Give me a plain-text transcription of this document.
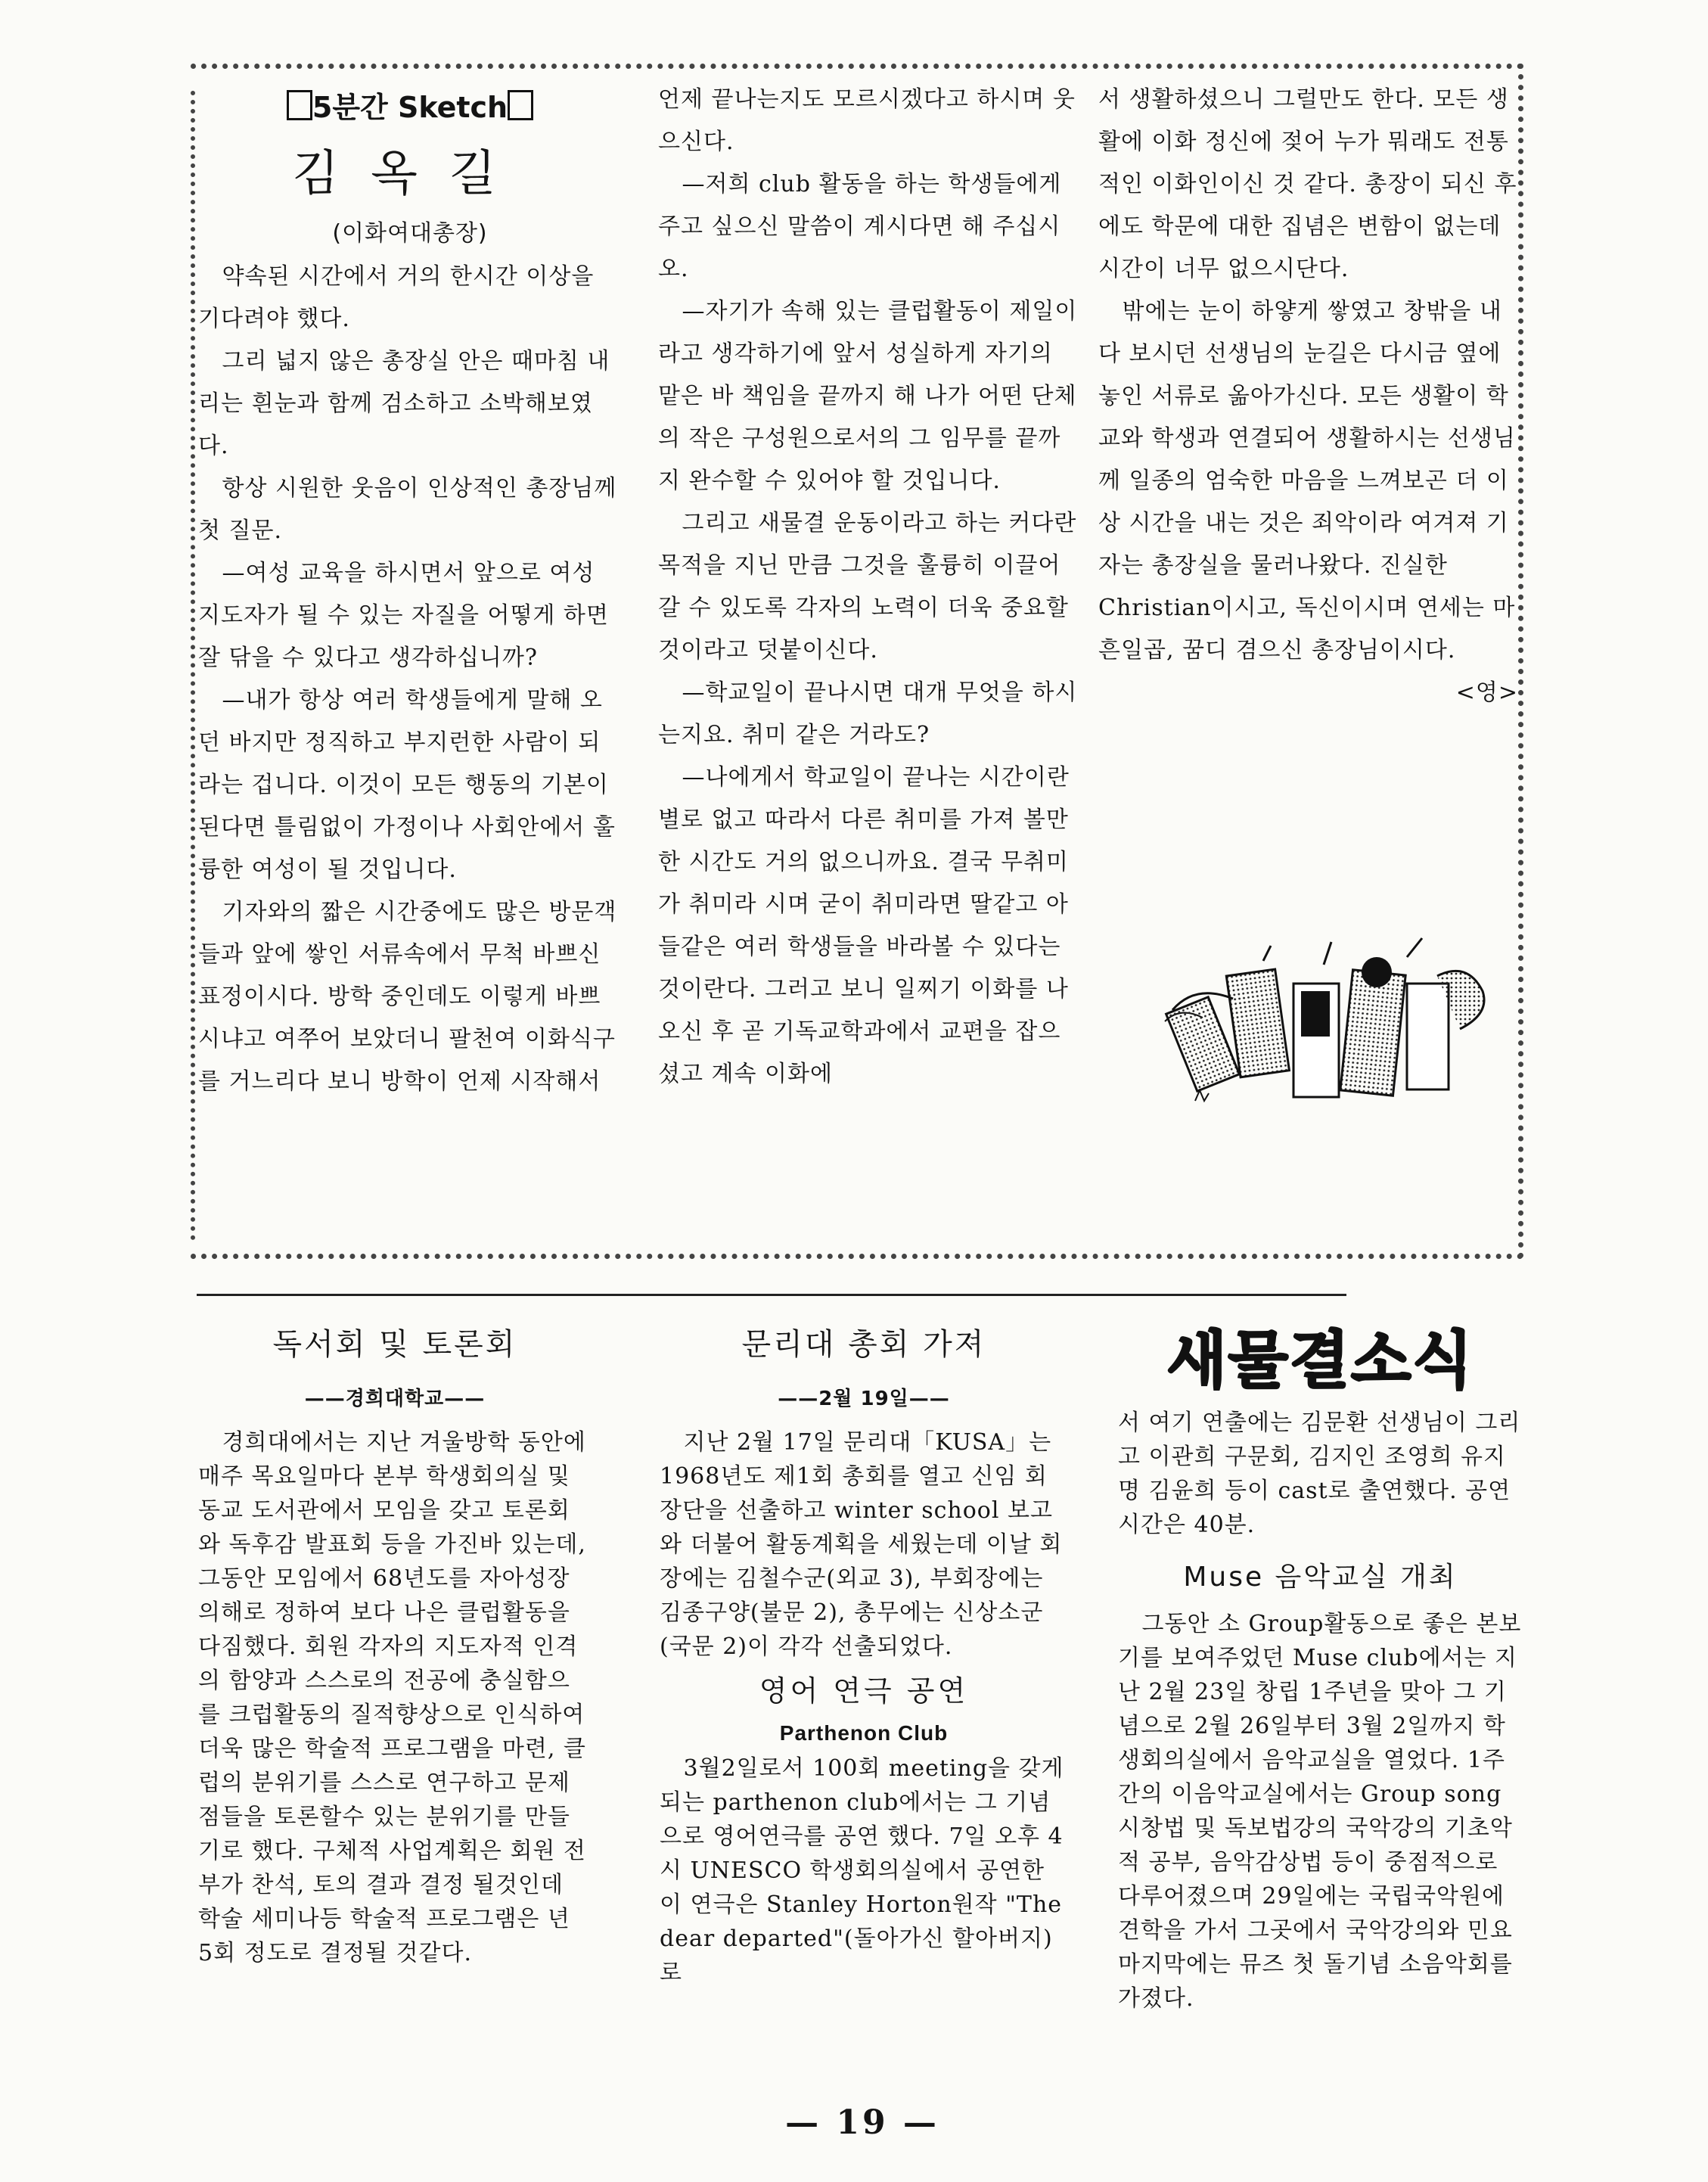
5분간 Sketch
김옥길
(이화여대총장)

약속된 시간에서 거의 한시간 이상을 기다려야 했다.

그리 넓지 않은 총장실 안은 때마침 내리는 흰눈과 함께 검소하고 소박해보였다.

항상 시원한 웃음이 인상적인 총장님께 첫 질문.

—여성 교육을 하시면서 앞으로 여성 지도자가 될 수 있는 자질을 어떻게 하면 잘 닦을 수 있다고 생각하십니까?

—내가 항상 여러 학생들에게 말해 오던 바지만 정직하고 부지런한 사람이 되라는 겁니다. 이것이 모든 행동의 기본이 된다면 틀림없이 가정이나 사회안에서 훌륭한 여성이 될 것입니다.

기자와의 짧은 시간중에도 많은 방문객들과 앞에 쌓인 서류속에서 무척 바쁘신 표정이시다. 방학 중인데도 이렇게 바쁘시냐고 여쭈어 보았더니 팔천여 이화식구를 거느리다 보니 방학이 언제 시작해서

언제 끝나는지도 모르시겠다고 하시며 웃으신다.

—저희 club 활동을 하는 학생들에게 주고 싶으신 말씀이 계시다면 해 주십시오.

—자기가 속해 있는 클럽활동이 제일이라고 생각하기에 앞서 성실하게 자기의 맡은 바 책임을 끝까지 해 나가 어떤 단체의 작은 구성원으로서의 그 임무를 끝까지 완수할 수 있어야 할 것입니다.

그리고 새물결 운동이라고 하는 커다란 목적을 지닌 만큼 그것을 훌륭히 이끌어 갈 수 있도록 각자의 노력이 더욱 중요할 것이라고 덧붙이신다.

—학교일이 끝나시면 대개 무엇을 하시는지요. 취미 같은 거라도?

—나에게서 학교일이 끝나는 시간이란 별로 없고 따라서 다른 취미를 가져 볼만한 시간도 거의 없으니까요. 결국 무취미가 취미라 시며 굳이 취미라면 딸같고 아들같은 여러 학생들을 바라볼 수 있다는 것이란다. 그러고 보니 일찌기 이화를 나오신 후 곧 기독교학과에서 교편을 잡으셨고 계속 이화에

서 생활하셨으니 그럴만도 한다. 모든 생활에 이화 정신에 젖어 누가 뭐래도 전통적인 이화인이신 것 같다. 총장이 되신 후에도 학문에 대한 집념은 변함이 없는데 시간이 너무 없으시단다.

밖에는 눈이 하얗게 쌓였고 창밖을 내다 보시던 선생님의 눈길은 다시금 옆에 놓인 서류로 옮아가신다. 모든 생활이 학교와 학생과 연결되어 생활하시는 선생님께 일종의 엄숙한 마음을 느껴보곤 더 이상 시간을 내는 것은 죄악이라 여겨져 기자는 총장실을 물러나왔다. 진실한 Christian이시고, 독신이시며 연세는 마흔일곱, 꿈디 겸으신 총장님이시다.

<영>

독서회 및 토론회
——경희대학교——

경희대에서는 지난 겨울방학 동안에 매주 목요일마다 본부 학생회의실 및 동교 도서관에서 모임을 갖고 토론회와 독후감 발표회 등을 가진바 있는데, 그동안 모임에서 68년도를 자아성장의해로 정하여 보다 나은 클럽활동을 다짐했다. 회원 각자의 지도자적 인격의 함양과 스스로의 전공에 충실함으를 크럽활동의 질적향상으로 인식하여 더욱 많은 학술적 프로그램을 마련, 클럽의 분위기를 스스로 연구하고 문제점들을 토론할수 있는 분위기를 만들기로 했다. 구체적 사업계획은 회원 전부가 찬석, 토의 결과 결정 될것인데 학술 세미나등 학술적 프로그램은 년 5회 정도로 결정될 것같다.

문리대 총회 가져
——2월 19일——

지난 2월 17일 문리대「KUSA」는 1968년도 제1회 총회를 열고 신임 회장단을 선출하고 winter school 보고와 더불어 활동계획을 세웠는데 이날 회장에는 김철수군(외교 3), 부회장에는 김종구양(불문 2), 총무에는 신상소군(국문 2)이 각각 선출되었다.

영어 연극 공연
Parthenon Club

3월2일로서 100회 meeting을 갖게되는 parthenon club에서는 그 기념으로 영어연극를 공연 했다. 7일 오후 4시 UNESCO 학생회의실에서 공연한 이 연극은 Stanley Horton원작 "The dear departed"(돌아가신 할아버지)로

새물결소식

서 여기 연출에는 김문환 선생님이 그리고 이관희 구문회, 김지인 조영희 유지명 김윤희 등이 cast로 출연했다. 공연시간은 40분.

Muse 음악교실 개최

그동안 소 Group활동으로 좋은 본보기를 보여주었던 Muse club에서는 지난 2월 23일 창립 1주년을 맞아 그 기념으로 2월 26일부터 3월 2일까지 학생회의실에서 음악교실을 열었다. 1주간의 이음악교실에서는 Group song시창법 및 독보법강의 국악강의 기초악적 공부, 음악감상법 등이 중점적으로 다루어졌으며 29일에는 국립국악원에 견학을 가서 그곳에서 국악강의와 민요 마지막에는 뮤즈 첫 돌기념 소음악회를 가졌다.

— 19 —
